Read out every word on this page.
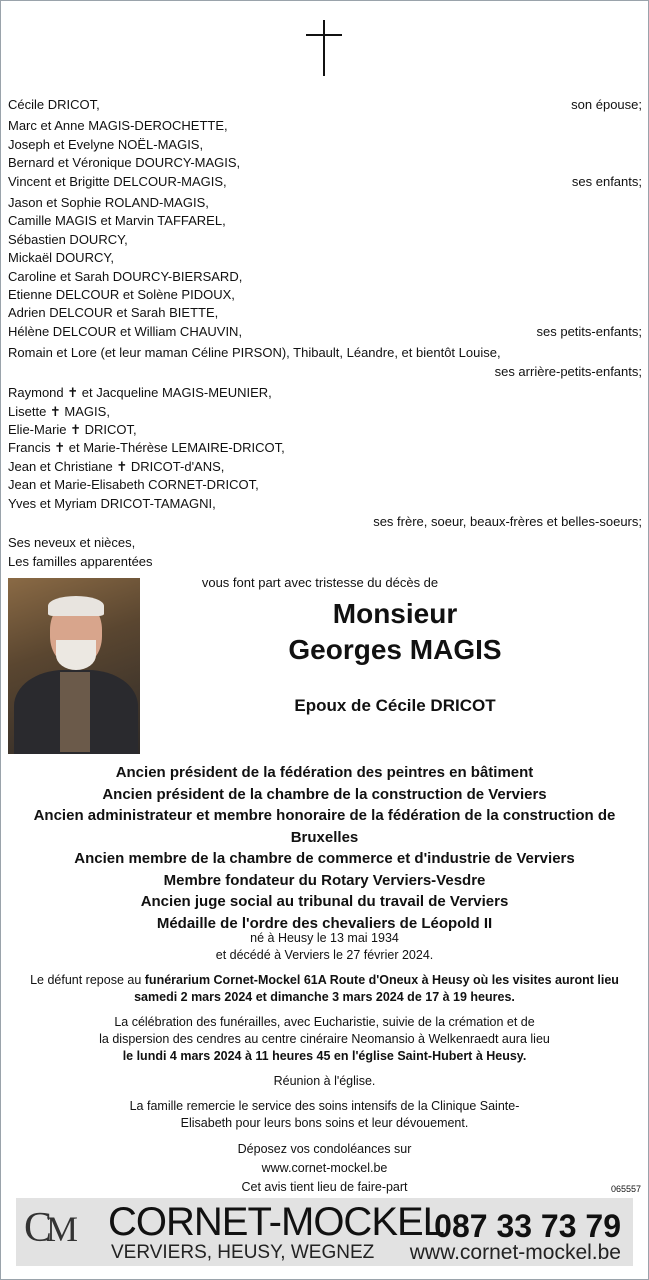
Cécile DRICOT,	son épouse;
Marc et Anne MAGIS-DEROCHETTE,
Joseph et Evelyne NOËL-MAGIS,
Bernard et Véronique DOURCY-MAGIS,
Vincent et Brigitte DELCOUR-MAGIS,	ses enfants;
Jason et Sophie ROLAND-MAGIS,
Camille MAGIS et Marvin TAFFAREL,
Sébastien DOURCY,
Mickaël DOURCY,
Caroline et Sarah DOURCY-BIERSARD,
Etienne DELCOUR et Solène PIDOUX,
Adrien DELCOUR et Sarah BIETTE,
Hélène DELCOUR et William CHAUVIN,	ses petits-enfants;
Romain et Lore (et leur maman Céline PIRSON), Thibault, Léandre, et bientôt Louise,
ses arrière-petits-enfants;
Raymond ✝ et Jacqueline MAGIS-MEUNIER,
Lisette ✝ MAGIS,
Elie-Marie ✝ DRICOT,
Francis ✝ et Marie-Thérèse LEMAIRE-DRICOT,
Jean et Christiane ✝ DRICOT-d'ANS,
Jean et Marie-Elisabeth CORNET-DRICOT,
Yves et Myriam DRICOT-TAMAGNI,
ses frère, soeur, beaux-frères et belles-soeurs;
Ses neveux et nièces,
Les familles apparentées
vous font part avec tristesse du décès de
Monsieur
Georges MAGIS
Epoux de Cécile DRICOT
Ancien président de la fédération des peintres en bâtiment
Ancien président de la chambre de la construction de Verviers
Ancien administrateur et membre honoraire de la fédération de la construction de Bruxelles
Ancien membre de la chambre de commerce et d'industrie de Verviers
Membre fondateur du Rotary Verviers-Vesdre
Ancien juge social au tribunal du travail de Verviers
Médaille de l'ordre des chevaliers de Léopold II

né à Heusy le 13 mai 1934
et décédé à Verviers le 27 février 2024.

Le défunt repose au funérarium Cornet-Mockel 61A Route d'Oneux à Heusy où les visites auront lieu samedi 2 mars 2024 et dimanche 3 mars 2024 de 17 à 19 heures.

La célébration des funérailles, avec Eucharistie, suivie de la crémation et de
la dispersion des cendres au centre cinéraire Neomansio à Welkenraedt aura lieu
le lundi 4 mars 2024 à 11 heures 45 en l'église Saint-Hubert à Heusy.

Réunion à l'église.

La famille remercie le service des soins intensifs de la Clinique Sainte-
Elisabeth pour leurs bons soins et leur dévouement.

Déposez vos condoléances sur
www.cornet-mockel.be
Cet avis tient lieu de faire-part	065557
CM CORNET-MOCKEL
VERVIERS, HEUSY, WEGNEZ
087 33 73 79
www.cornet-mockel.be
